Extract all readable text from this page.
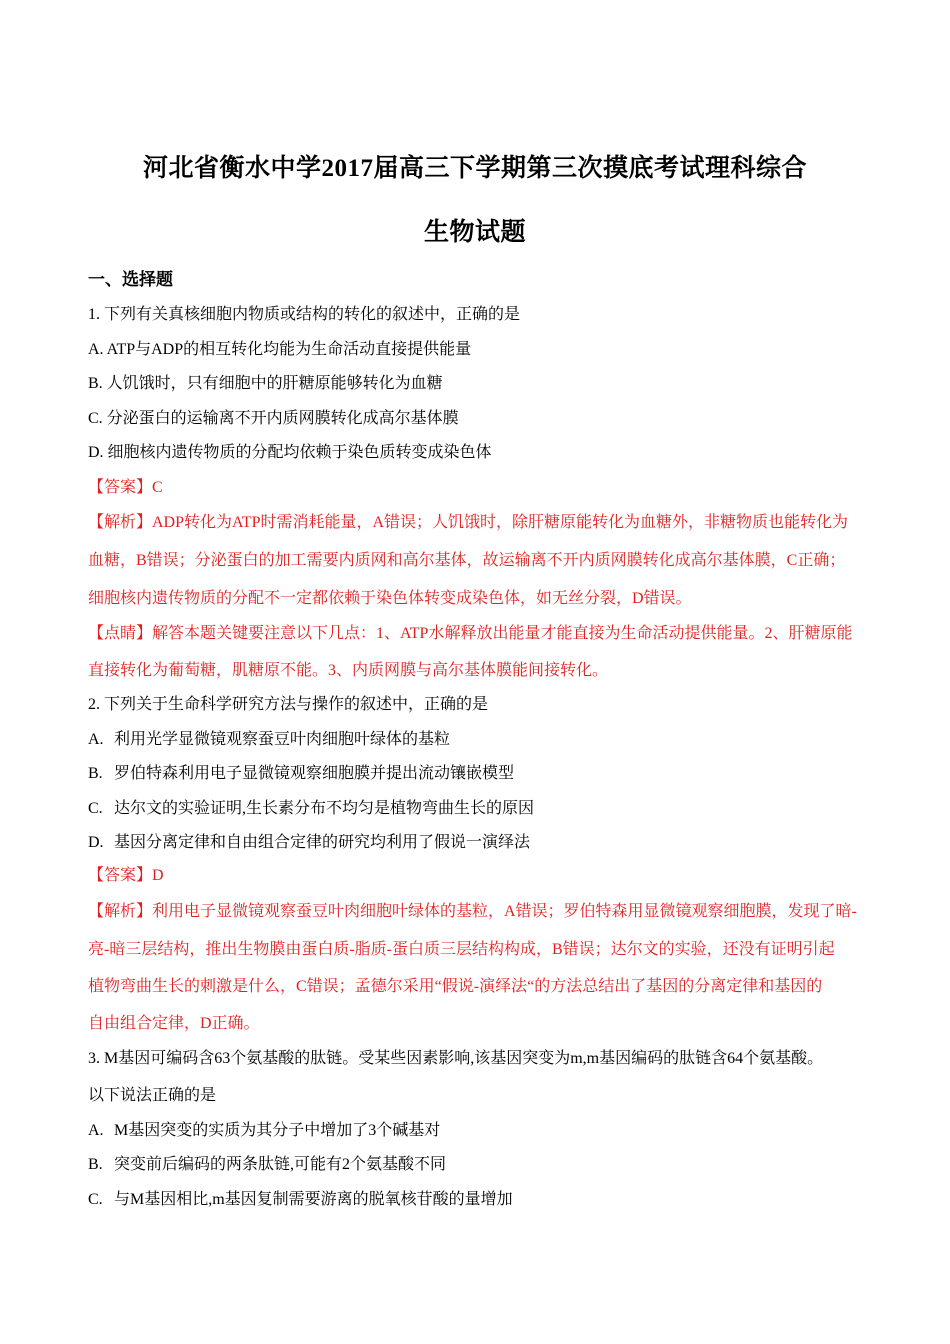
河北省衡水中学2017届高三下学期第三次摸底考试理科综合
生物试题
一、选择题
1. 下列有关真核细胞内物质或结构的转化的叙述中，正确的是
A. ATP与ADP的相互转化均能为生命活动直接提供能量
B. 人饥饿时，只有细胞中的肝糖原能够转化为血糖
C. 分泌蛋白的运输离不开内质网膜转化成高尔基体膜
D. 细胞核内遗传物质的分配均依赖于染色质转变成染色体
【答案】C
【解析】ADP转化为ATP时需消耗能量，A错误；人饥饿时，除肝糖原能转化为血糖外，非糖物质也能转化为
血糖，B错误；分泌蛋白的加工需要内质网和高尔基体，故运输离不开内质网膜转化成高尔基体膜，C正确；
细胞核内遗传物质的分配不一定都依赖于染色体转变成染色体，如无丝分裂，D错误。
【点睛】解答本题关键要注意以下几点：1、ATP水解释放出能量才能直接为生命活动提供能量。2、肝糖原能
直接转化为葡萄糖，肌糖原不能。3、内质网膜与高尔基体膜能间接转化。
2. 下列关于生命科学研究方法与操作的叙述中，正确的是
A. 利用光学显微镜观察蚕豆叶肉细胞叶绿体的基粒
B. 罗伯特森利用电子显微镜观察细胞膜并提出流动镶嵌模型
C. 达尔文的实验证明,生长素分布不均匀是植物弯曲生长的原因
D. 基因分离定律和自由组合定律的研究均利用了假说一演绎法
【答案】D
【解析】利用电子显微镜观察蚕豆叶肉细胞叶绿体的基粒，A错误；罗伯特森用显微镜观察细胞膜，发现了暗-
亮-暗三层结构，推出生物膜由蛋白质-脂质-蛋白质三层结构构成，B错误；达尔文的实验，还没有证明引起
植物弯曲生长的刺激是什么，C错误；孟德尔采用“假说-演绎法“的方法总结出了基因的分离定律和基因的
自由组合定律，D正确。
3. M基因可编码含63个氨基酸的肽链。受某些因素影响,该基因突变为m,m基因编码的肽链含64个氨基酸。
以下说法正确的是
A. M基因突变的实质为其分子中增加了3个碱基对
B. 突变前后编码的两条肽链,可能有2个氨基酸不同
C. 与M基因相比,m基因复制需要游离的脱氧核苷酸的量增加
